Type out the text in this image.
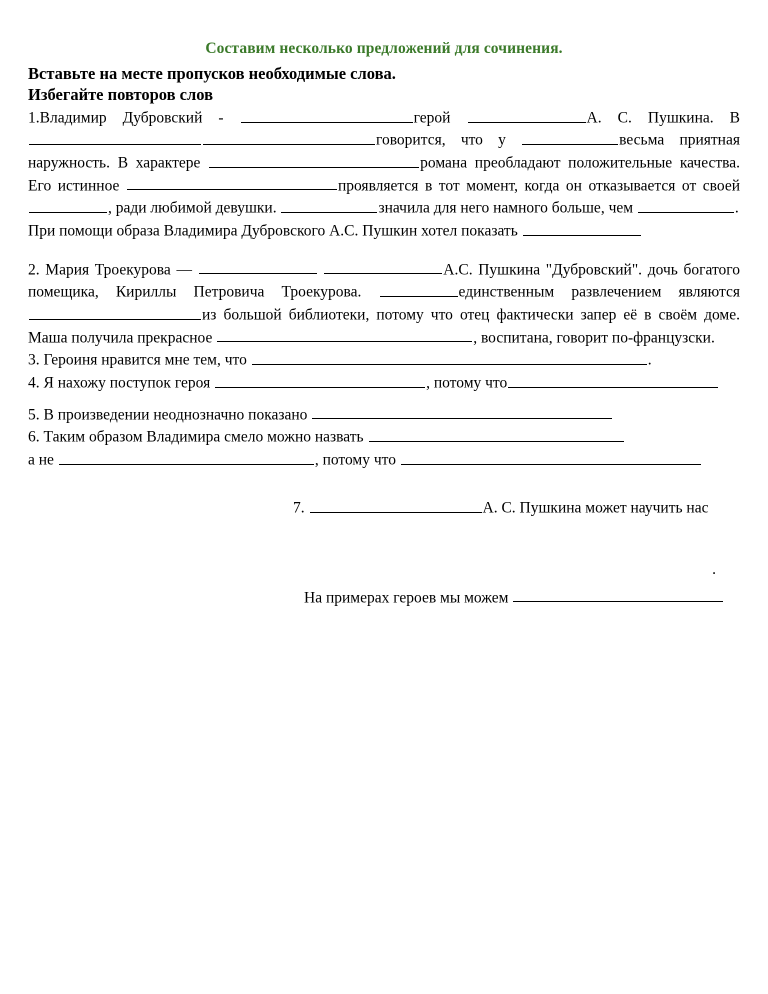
Составим несколько предложений для сочинения.
Вставьте на месте пропусков необходимые слова.
Избегайте повторов слов
1.Владимир Дубровский -	герой	А. С. Пушкина. В говорится, что у	весьма приятная наружность. В характере	романа преобладают положительные качества. Его истинное	проявляется в тот момент, когда он отказывается от своей , ради любимой девушки.	значила для него намного больше, чем	.
При помощи образа Владимира Дубровского А.С. Пушкин хотел показать
2. Мария Троекурова —	А.С. Пушкина "Дубровский". дочь богатого помещика, Кириллы Петровича Троекурова.	единственным развлечением являются из большой библиотеки, потому что отец фактически запер её в своём доме. Маша получила прекрасное	, воспитана, говорит по-французски.
3. Героиня нравится мне тем, что	.
4. Я нахожу поступок героя	, потому что
5. В произведении неоднозначно показано
6. Таким образом Владимира смело можно назвать
а не	, потому что
7.	А. С. Пушкина может научить нас
.
На примерах героев мы можем
